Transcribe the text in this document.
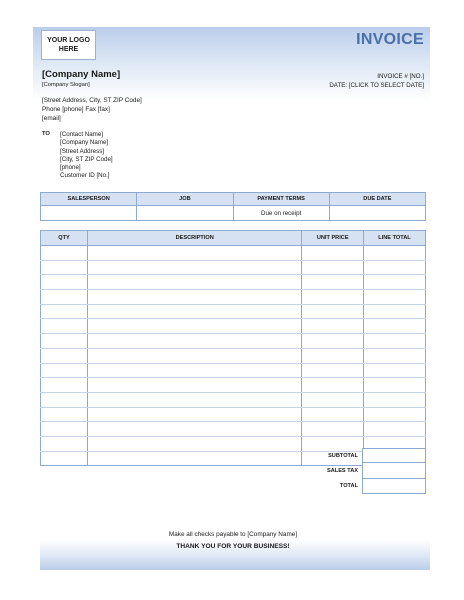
YOUR LOGO
HERE
INVOICE
INVOICE # [NO.]
DATE: [CLICK TO SELECT DATE]
[Company Name]
[Company Slogan]
[Street Address, City, ST ZIP Code]
Phone [phone] Fax [fax]
[email]
TO [Contact Name]
[Company Name]
[Street Address]
[City, ST ZIP Code]
[phone]
Customer ID [No.]
SALESPERSON	JOB	PAYMENT TERMS	DUE DATE
		Due on receipt	
QTY	DESCRIPTION	UNIT PRICE	LINE TOTAL

SUBTOTAL
SALES TAX
TOTAL
Make all checks payable to [Company Name]
THANK YOU FOR YOUR BUSINESS!
